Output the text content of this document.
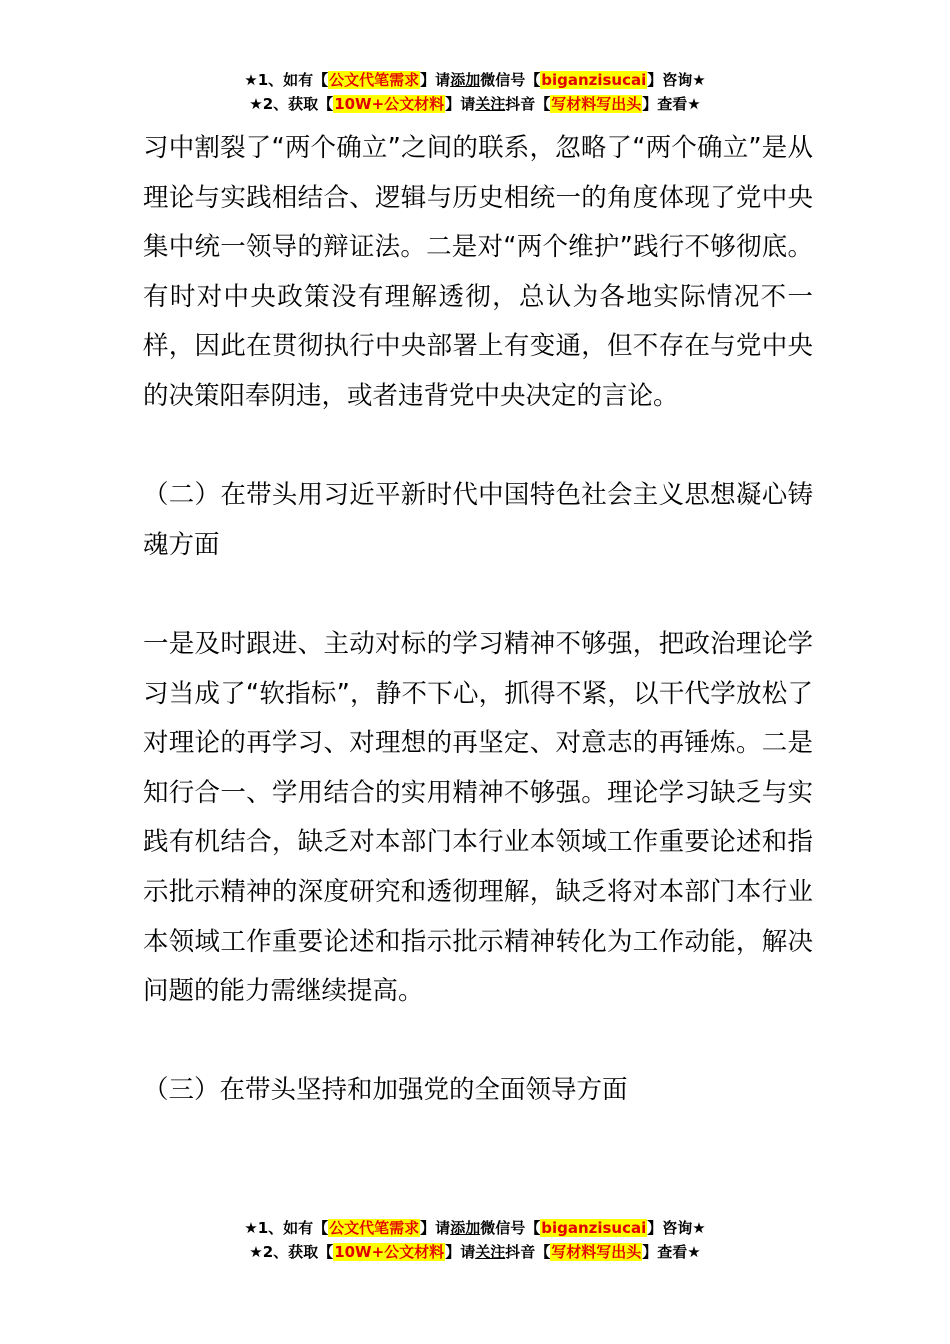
★1、如有【公文代笔需求】请添加微信号【biganzisucai】咨询★
★2、获取【10W+公文材料】请关注抖音【写材料写出头】查看★

习中割裂了“两个确立”之间的联系，忽略了“两个确立”是从理论与实践相结合、逻辑与历史相统一的角度体现了党中央集中统一领导的辩证法。二是对“两个维护”践行不够彻底。有时对中央政策没有理解透彻，总认为各地实际情况不一样，因此在贯彻执行中央部署上有变通，但不存在与党中央的决策阳奉阴违，或者违背党中央决定的言论。

（二）在带头用习近平新时代中国特色社会主义思想凝心铸魂方面

一是及时跟进、主动对标的学习精神不够强，把政治理论学习当成了“软指标”，静不下心，抓得不紧，以干代学放松了对理论的再学习、对理想的再坚定、对意志的再锤炼。二是知行合一、学用结合的实用精神不够强。理论学习缺乏与实践有机结合，缺乏对本部门本行业本领域工作重要论述和指示批示精神的深度研究和透彻理解，缺乏将对本部门本行业本领域工作重要论述和指示批示精神转化为工作动能，解决问题的能力需继续提高。

（三）在带头坚持和加强党的全面领导方面

★1、如有【公文代笔需求】请添加微信号【biganzisucai】咨询★
★2、获取【10W+公文材料】请关注抖音【写材料写出头】查看★
